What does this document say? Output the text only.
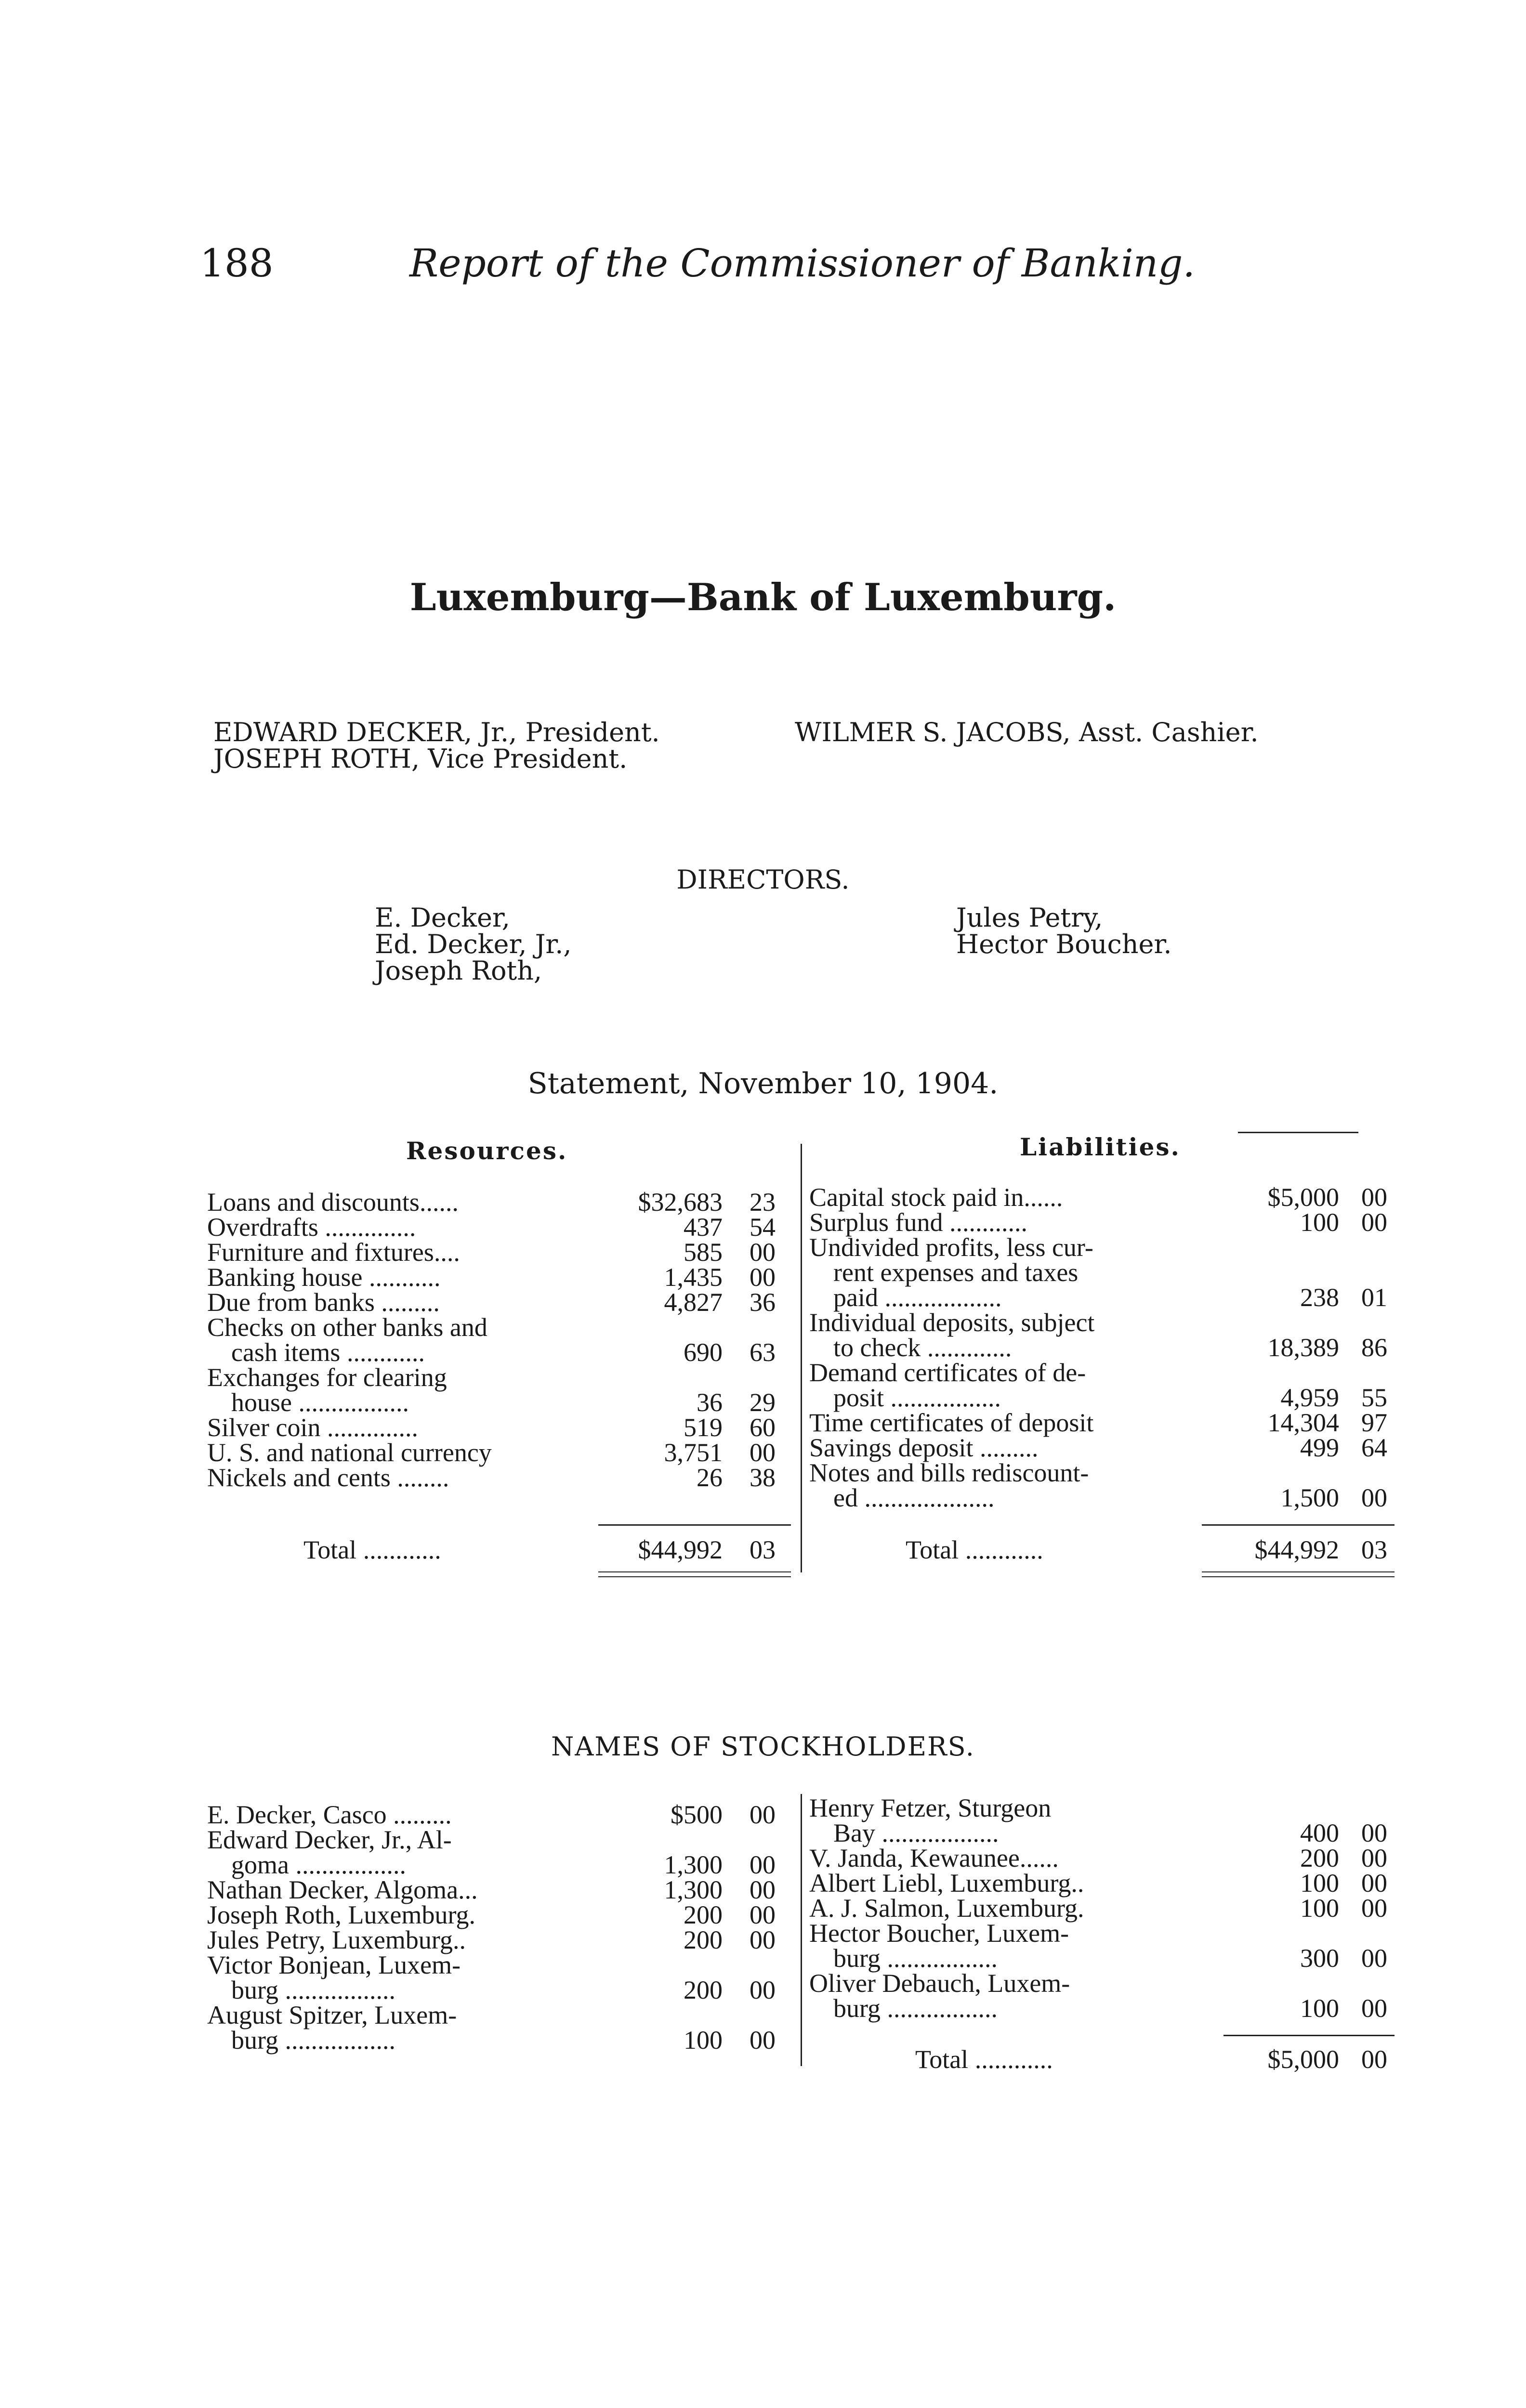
188	Report of the Commissioner of Banking.
Luxemburg—Bank of Luxemburg.
EDWARD DECKER, Jr., President.
JOSEPH ROTH, Vice President.
WILMER S. JACOBS, Asst. Cashier.
DIRECTORS.
E. Decker,
Ed. Decker, Jr.,
Joseph Roth,
Jules Petry,
Hector Boucher.
Statement, November 10, 1904.
Resources.	Liabilities.
Loans and discounts......	$32,683	23
Overdrafts ..............	437	54
Furniture and fixtures....	585	00
Banking house ...........	1,435	00
Due from banks .........	4,827	36
Checks on other banks and
cash items ............	690	63
Exchanges for clearing
house .................	36	29
Silver coin ..............	519	60
U. S. and national currency	3,751	00
Nickels and cents ........	26	38
Total ............	$44,992	03
Capital stock paid in......	$5,000 00
Surplus fund ............	100 00
Undivided profits, less cur-
rent expenses and taxes
paid ..................	238 01
Individual deposits, subject
to check .............	18,389 86
Demand certificates of de-
posit .................	4,959 55
Time certificates of deposit	14,304 97
Savings deposit .........	499 64
Notes and bills rediscount-
ed ....................	1,500 00
Total ............	$44,992 03
NAMES OF STOCKHOLDERS.
E. Decker, Casco .........	$500	00
Edward Decker, Jr., Al-
goma .................	1,300	00
Nathan Decker, Algoma...	1,300	00
Joseph Roth, Luxemburg.	200	00
Jules Petry, Luxemburg..	200	00
Victor Bonjean, Luxem-
burg .................	200	00
August Spitzer, Luxem-
burg .................	100	00
Henry Fetzer, Sturgeon
Bay ..................	400 00
V. Janda, Kewaunee......	200 00
Albert Liebl, Luxemburg..	100 00
A. J. Salmon, Luxemburg.	100 00
Hector Boucher, Luxem-
burg .................	300 00
Oliver Debauch, Luxem-
burg .................	100 00
Total ............	$5,000 00
